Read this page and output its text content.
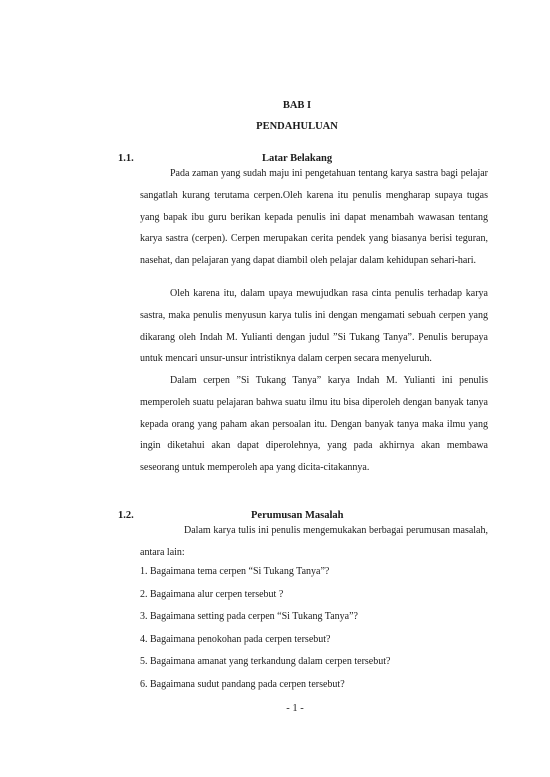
BAB I
PENDAHULUAN
1.1.	Latar Belakang

Pada zaman yang sudah maju ini pengetahuan tentang karya sastra bagi pelajar sangatlah kurang terutama cerpen.Oleh karena itu penulis mengharap supaya tugas yang bapak ibu guru berikan kepada penulis ini dapat menambah wawasan tentang karya sastra (cerpen). Cerpen merupakan cerita pendek yang biasanya berisi teguran, nasehat, dan pelajaran yang dapat diambil oleh pelajar dalam kehidupan sehari-hari.

Oleh karena itu, dalam upaya mewujudkan rasa cinta penulis terhadap karya sastra, maka penulis menyusun karya tulis ini dengan mengamati sebuah cerpen yang dikarang oleh Indah M. Yulianti dengan judul ”Si Tukang Tanya”. Penulis berupaya untuk mencari unsur-unsur intristiknya dalam cerpen secara menyeluruh.

Dalam cerpen ”Si Tukang Tanya” karya Indah M. Yulianti ini penulis memperoleh suatu pelajaran bahwa suatu ilmu itu bisa diperoleh dengan banyak tanya kepada orang yang paham akan persoalan itu. Dengan banyak tanya maka ilmu yang ingin diketahui akan dapat diperolehnya, yang pada akhirnya akan membawa seseorang untuk memperoleh apa yang dicita-citakannya.

1.2.	Perumusan Masalah

Dalam karya tulis ini penulis mengemukakan berbagai perumusan masalah, antara lain:

1. Bagaimana tema cerpen “Si Tukang Tanya”?
2. Bagaimana alur cerpen tersebut ?
3. Bagaimana setting pada cerpen “Si Tukang Tanya”?
4. Bagaimana penokohan pada cerpen tersebut?
5. Bagaimana amanat yang terkandung dalam cerpen tersebut?
6. Bagaimana sudut pandang pada cerpen tersebut?
- 1 -
